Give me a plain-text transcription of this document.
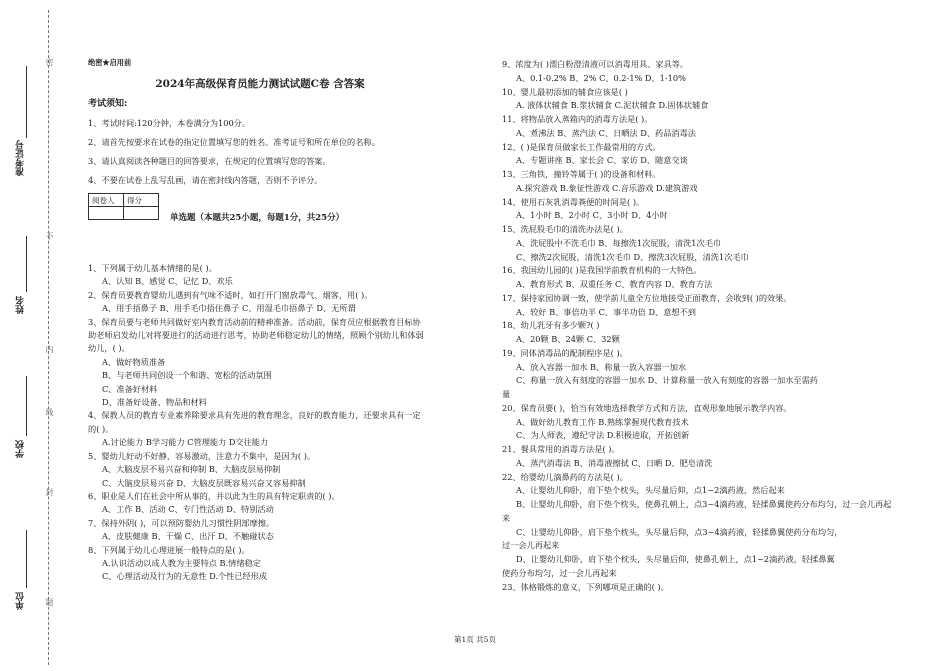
密
不
内
线
封
题
准考证号
姓名
学校
单位
绝密★启用前
2024年高级保育员能力测试试题C卷 含答案
考试须知:

1、考试时间:120分钟，本卷满分为100分。

2、请首先按要求在试卷的指定位置填写您的姓名、准考证号和所在单位的名称。

3、请认真阅读各种题目的回答要求，在规定的位置填写您的答案。

4、不要在试卷上乱写乱画，请在密封线内答题，否则不予评分。

阅卷人	得分

单选题（本题共25小题，每题1分，共25分）

1、下列属于幼儿基本情绪的是( )。

A、认知 B、感觉 C、记忆 D、欢乐

2、保育员要教育婴幼儿遇到有气味不适时，如打开门窗放毒气、烟客，用( )。

A、用手捂鼻子 B、用手毛巾捂住鼻子 C、用湿毛巾捂鼻子 D、无所谓

3、保育员要与老师共同做好室内教育活动前的精神准备。活动前，保育员应根据教育目标协

助老师启发幼儿对将要进行的活动进行思考，协助老师稳定幼儿的情绪，照顾个别幼儿和体弱

幼儿，( )。

A、做好物质准备

B、与老师共同创设一个和谐、宽松的活动氛围

C、准备好材料

D、准备好设备、物品和材料

4、保教人员的教育专业素养除要求具有先进的教育理念，良好的教育能力，还要求具有一定

的( )。

A.讨论能力 B学习能力 C管理能力 D交往能力

5、婴幼儿好动不好静，容易激动，注意力不集中，是因为( )。

A、大脑皮层不易兴奋和抑制 B、大脑皮层易抑制

C、大脑皮层易兴奋 D、大脑皮层既容易兴奋又容易抑制

6、职业是人们在社会中所从事的，并以此为生的具有特定职责的( )。

A、工作 B、活动 C、专门性活动 D、特别活动

7、保持外阴( )，可以预防婴幼儿习惯性阴部摩擦。

A、皮肤健康 B、干燥 C、出汗 D、不触碰状态

8、下列属于幼儿心理进展一般特点的是( )。

A.认识活动以成人教为主要特点 B.情绪稳定

C、心理活动及行为的无意性 D.个性已经形成

9、浓度为( )漂白粉澄清液可以消毒用具、家具等。

A、0.1-0.2% B、2% C、0.2-1% D、1-10%

10、婴儿最初添加的辅食应该是( )

A. 液体状辅食 B.浆状辅食 C.泥状辅食 D.固体状辅食

11、将物品放入蒸箱内的消毒方法是( )。

A、煮沸法 B、蒸汽法 C、日晒法 D、药品消毒法

12、( )是保育员做家长工作最常用的方式。

A、专题讲座 B、家长会 C、家访 D、随意交谈

13、三角铁，撞铃等属于( )的设备和材料。

A.探究游戏 B.象征性游戏 C.音乐游戏 D.建筑游戏

14、使用石灰乳消毒粪便的时间是( )。

A、1小时 B、2小时 C、3小时 D、4小时

15、洗屁股毛巾的清洗办法是( )。

A、洗屁股中不洗毛巾 B、每擦洗1次屁股，清洗1次毛巾

C、擦洗2次屁股，清洗1次毛巾 D、擦洗3次屁股，清洗1次毛巾

16、我国幼儿园的( )是我国学前教育机构的一大特色。

A、教育形式 B、双重任务 C、教育内容 D、教育方法

17、保持家园协调一致，使学前儿童全方位地接受正面教育，会收到( )的效果。

A、较好 B、事倍功半 C、事半功倍 D、意想不到

18、幼儿乳牙有多少颗?( )

A、20颗 B、24颗 C、32颗

19、同体消毒品的配制程序是( )。

A、放入容器一加水 B、称量一放入容器一加水

C、称量一放入有刻度的容器一加水 D、计算称量一放入有刻度的容器一加水至需药

量

20、保育员要( )，恰当有效地选择教学方式和方法，直观形象地展示教学内容。

A、做好幼儿教育工作 B.熟练掌握现代教育技术

C、为人师表，遵纪守法 D.积极进取，开拓创新

21、餐具常用的消毒方法是( )。

A、蒸汽消毒法 B、消毒液擦拭 C、日晒 D、肥皂清洗

22、给婴幼儿滴鼻药的方法是( )。

A、让婴幼儿仰卧，肩下垫个枕头，头尽量后仰，点1~2滴药液，然后起来

B、让婴幼儿仰卧，肩下垫个枕头，使鼻孔朝上，点3~4滴药液，轻揉鼻翼使药分布均匀，过一会儿再起

来

C、让婴幼儿仰卧，肩下垫个枕头，头尽量后仰，点3~4滴药液，轻揉鼻翼使药分布均匀，

过一会儿再起来

D、让婴幼儿仰卧，肩下垫个枕头，头尽量后仰，使鼻孔朝上，点1~2滴药液，轻揉鼻翼

使药分布均匀，过一会儿再起来

23、体格锻炼的意义，下列哪项是正确的( )。

第1页 共5页
